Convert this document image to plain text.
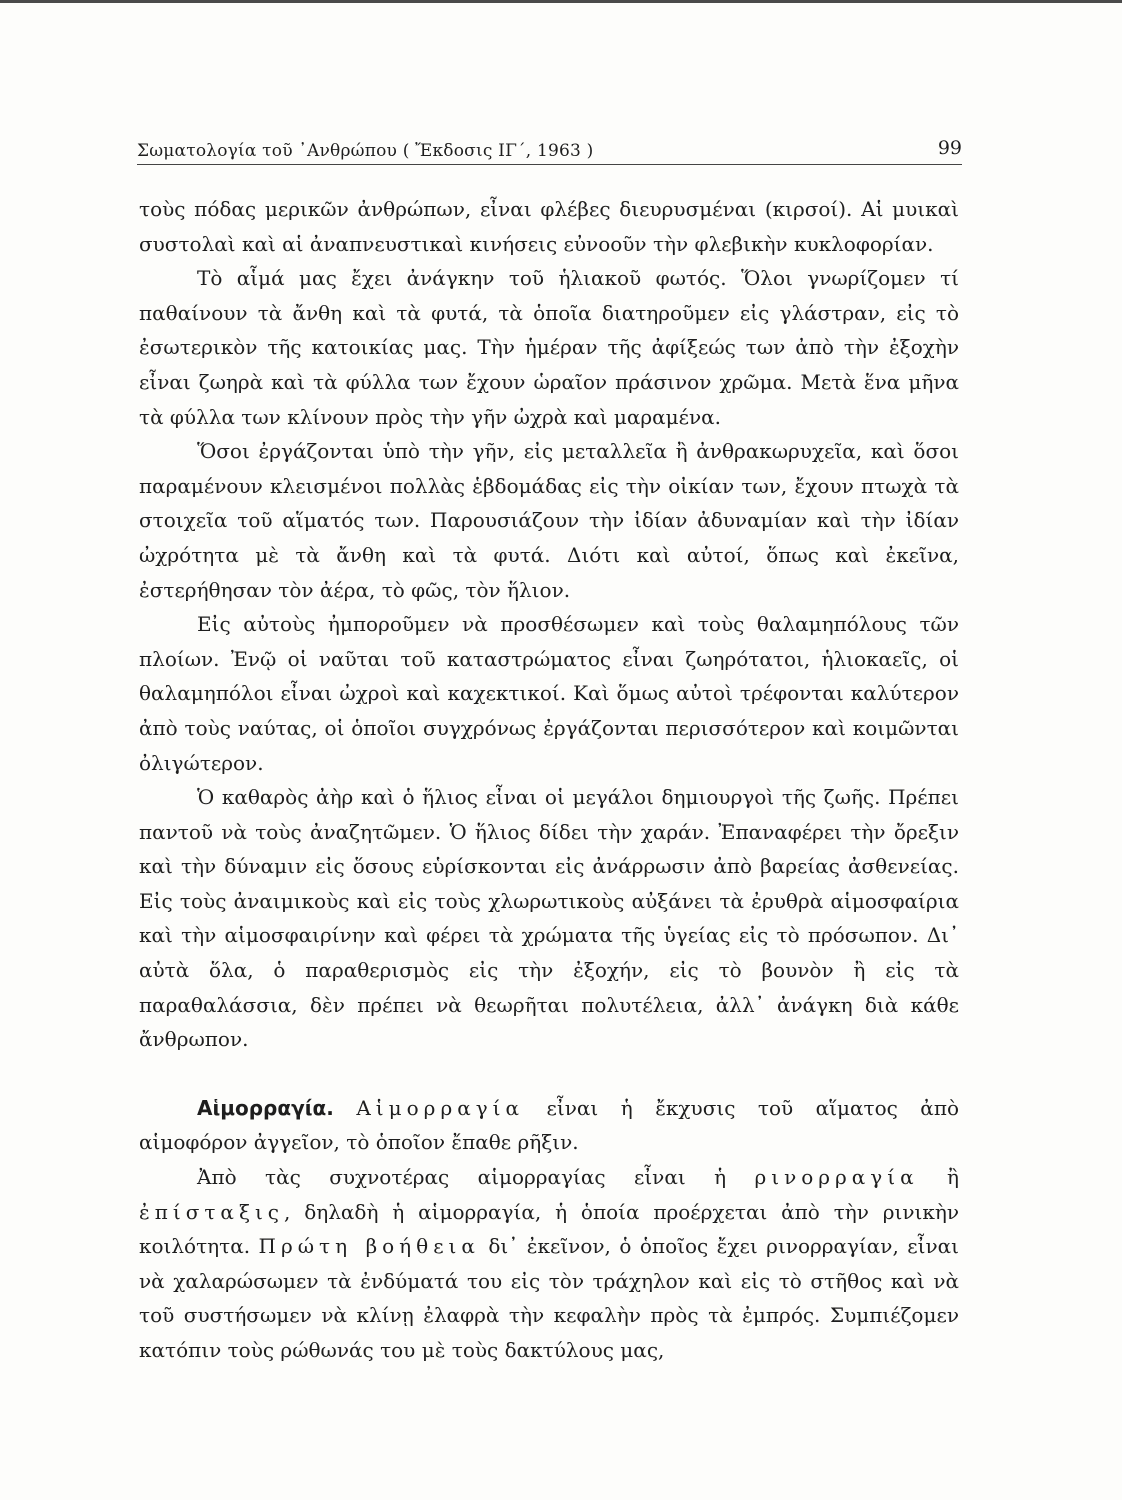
Σωματολογία τοῦ ᾿Ανθρώπου ( Ἔκδοσις ΙΓ΄, 1963 )	99

τοὺς πόδας μερικῶν ἀνθρώπων, εἶναι φλέβες διευρυσμέναι (κιρσοί). Αἱ μυικαὶ συστολαὶ καὶ αἱ ἀναπνευστικαὶ κινήσεις εὐνοοῦν τὴν φλεβικὴν κυκλοφορίαν.

Τὸ αἷμά μας ἔχει ἀνάγκην τοῦ ἡλιακοῦ φωτός. Ὅλοι γνωρίζομεν τί παθαίνουν τὰ ἄνθη καὶ τὰ φυτά, τὰ ὁποῖα διατηροῦμεν εἰς γλάστραν, εἰς τὸ ἐσωτερικὸν τῆς κατοικίας μας. Τὴν ἡμέραν τῆς ἀφίξεώς των ἀπὸ τὴν ἐξοχὴν εἶναι ζωηρὰ καὶ τὰ φύλλα των ἔχουν ὡραῖον πράσινον χρῶμα. Μετὰ ἕνα μῆνα τὰ φύλλα των κλίνουν πρὸς τὴν γῆν ὠχρὰ καὶ μαραμένα.

Ὅσοι ἐργάζονται ὑπὸ τὴν γῆν, εἰς μεταλλεῖα ἢ ἀνθρακωρυχεῖα, καὶ ὅσοι παραμένουν κλεισμένοι πολλὰς ἑβδομάδας εἰς τὴν οἰκίαν των, ἔχουν πτωχὰ τὰ στοιχεῖα τοῦ αἵματός των. Παρουσιάζουν τὴν ἰδίαν ἀδυναμίαν καὶ τὴν ἰδίαν ὠχρότητα μὲ τὰ ἄνθη καὶ τὰ φυτά. Διότι καὶ αὐτοί, ὅπως καὶ ἐκεῖνα, ἐστερήθησαν τὸν ἀέρα, τὸ φῶς, τὸν ἥλιον.

Εἰς αὐτοὺς ἠμποροῦμεν νὰ προσθέσωμεν καὶ τοὺς θαλαμηπόλους τῶν πλοίων. Ἐνῷ οἱ ναῦται τοῦ καταστρώματος εἶναι ζωηρότατοι, ἡλιοκαεῖς, οἱ θαλαμηπόλοι εἶναι ὠχροὶ καὶ καχεκτικοί. Καὶ ὅμως αὐτοὶ τρέφονται καλύτερον ἀπὸ τοὺς ναύτας, οἱ ὁποῖοι συγχρόνως ἐργάζονται περισσότερον καὶ κοιμῶνται ὀλιγώτερον.

Ὁ καθαρὸς ἀὴρ καὶ ὁ ἥλιος εἶναι οἱ μεγάλοι δημιουργοὶ τῆς ζωῆς. Πρέπει παντοῦ νὰ τοὺς ἀναζητῶμεν. Ὁ ἥλιος δίδει τὴν χαράν. Ἐπαναφέρει τὴν ὄρεξιν καὶ τὴν δύναμιν εἰς ὅσους εὑρίσκονται εἰς ἀνάρρωσιν ἀπὸ βαρείας ἀσθενείας. Εἰς τοὺς ἀναιμικοὺς καὶ εἰς τοὺς χλωρωτικοὺς αὐξάνει τὰ ἐρυθρὰ αἱμοσφαίρια καὶ τὴν αἱμοσφαιρίνην καὶ φέρει τὰ χρώματα τῆς ὑγείας εἰς τὸ πρόσωπον. Δι᾿ αὐτὰ ὅλα, ὁ παραθερισμὸς εἰς τὴν ἐξοχήν, εἰς τὸ βουνὸν ἢ εἰς τὰ παραθαλάσσια, δὲν πρέπει νὰ θεωρῆται πολυτέλεια, ἀλλ᾿ ἀνάγκη διὰ κάθε ἄνθρωπον.

Αἱμορραγία. Αἱμορραγία εἶναι ἡ ἔκχυσις τοῦ αἵματος ἀπὸ αἱμοφόρον ἀγγεῖον, τὸ ὁποῖον ἔπαθε ρῆξιν.

Ἀπὸ τὰς συχνοτέρας αἱμορραγίας εἶναι ἡ ρινορραγία ἢ ἐπίσταξις, δηλαδὴ ἡ αἱμορραγία, ἡ ὁποία προέρχεται ἀπὸ τὴν ρινικὴν κοιλότητα. Πρώτη βοήθεια δι᾿ ἐκεῖνον, ὁ ὁποῖος ἔχει ρινορραγίαν, εἶναι νὰ χαλαρώσωμεν τὰ ἐνδύματά του εἰς τὸν τράχηλον καὶ εἰς τὸ στῆθος καὶ νὰ τοῦ συστήσωμεν νὰ κλίνῃ ἐλαφρὰ τὴν κεφαλὴν πρὸς τὰ ἐμπρός. Συμπιέζομεν κατόπιν τοὺς ρώθωνάς του μὲ τοὺς δακτύλους μας,
